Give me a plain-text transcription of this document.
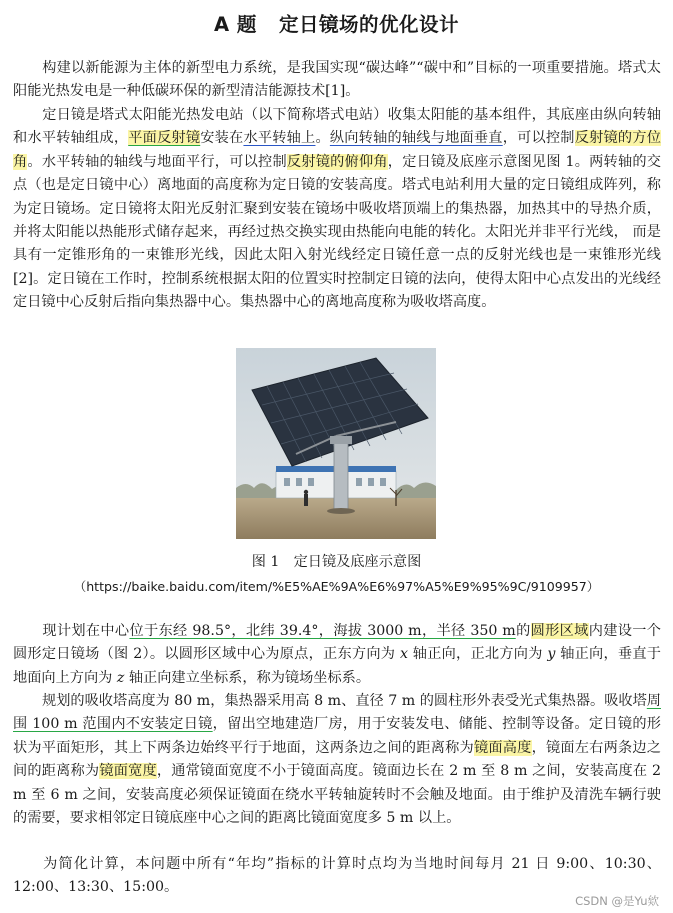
A 题 定日镜场的优化设计
构建以新能源为主体的新型电力系统，是我国实现“碳达峰”“碳中和”目标的一项重要措施。塔式太阳能光热发电是一种低碳环保的新型清洁能源技术[1]。
定日镜是塔式太阳能光热发电站（以下简称塔式电站）收集太阳能的基本组件，其底座由纵向转轴和水平转轴组成，平面反射镜安装在水平转轴上。纵向转轴的轴线与地面垂直，可以控制反射镜的方位角。水平转轴的轴线与地面平行，可以控制反射镜的俯仰角，定日镜及底座示意图见图 1。两转轴的交点（也是定日镜中心）离地面的高度称为定日镜的安装高度。塔式电站利用大量的定日镜组成阵列，称为定日镜场。定日镜将太阳光反射汇聚到安装在镜场中吸收塔顶端上的集热器，加热其中的导热介质，并将太阳能以热能形式储存起来，再经过热交换实现由热能向电能的转化。太阳光并非平行光线， 而是具有一定锥形角的一束锥形光线，因此太阳入射光线经定日镜任意一点的反射光线也是一束锥形光线[2]。定日镜在工作时，控制系统根据太阳的位置实时控制定日镜的法向，使得太阳中心点发出的光线经定日镜中心反射后指向集热器中心。集热器中心的离地高度称为吸收塔高度。
图 1　定日镜及底座示意图
（https://baike.baidu.com/item/%E5%AE%9A%E6%97%A5%E9%95%9C/9109957）
现计划在中心位于东经 98.5°，北纬 39.4°，海拔 3000 m，半径 350 m的圆形区域内建设一个圆形定日镜场（图 2）。以圆形区域中心为原点，正东方向为 x 轴正向，正北方向为 y 轴正向，垂直于地面向上方向为 z 轴正向建立坐标系，称为镜场坐标系。
规划的吸收塔高度为 80 m，集热器采用高 8 m、直径 7 m 的圆柱形外表受光式集热器。吸收塔周围 100 m 范围内不安装定日镜，留出空地建造厂房，用于安装发电、储能、控制等设备。定日镜的形状为平面矩形，其上下两条边始终平行于地面，这两条边之间的距离称为镜面高度，镜面左右两条边之间的距离称为镜面宽度，通常镜面宽度不小于镜面高度。镜面边长在 2 m 至 8 m 之间，安装高度在 2 m 至 6 m 之间，安装高度必须保证镜面在绕水平转轴旋转时不会触及地面。由于维护及清洗车辆行驶的需要，要求相邻定日镜底座中心之间的距离比镜面宽度多 5 m 以上。
为简化计算，本问题中所有“年均”指标的计算时点均为当地时间每月 21 日 9:00、10:30、12:00、13:30、15:00。
CSDN @是Yu欸
